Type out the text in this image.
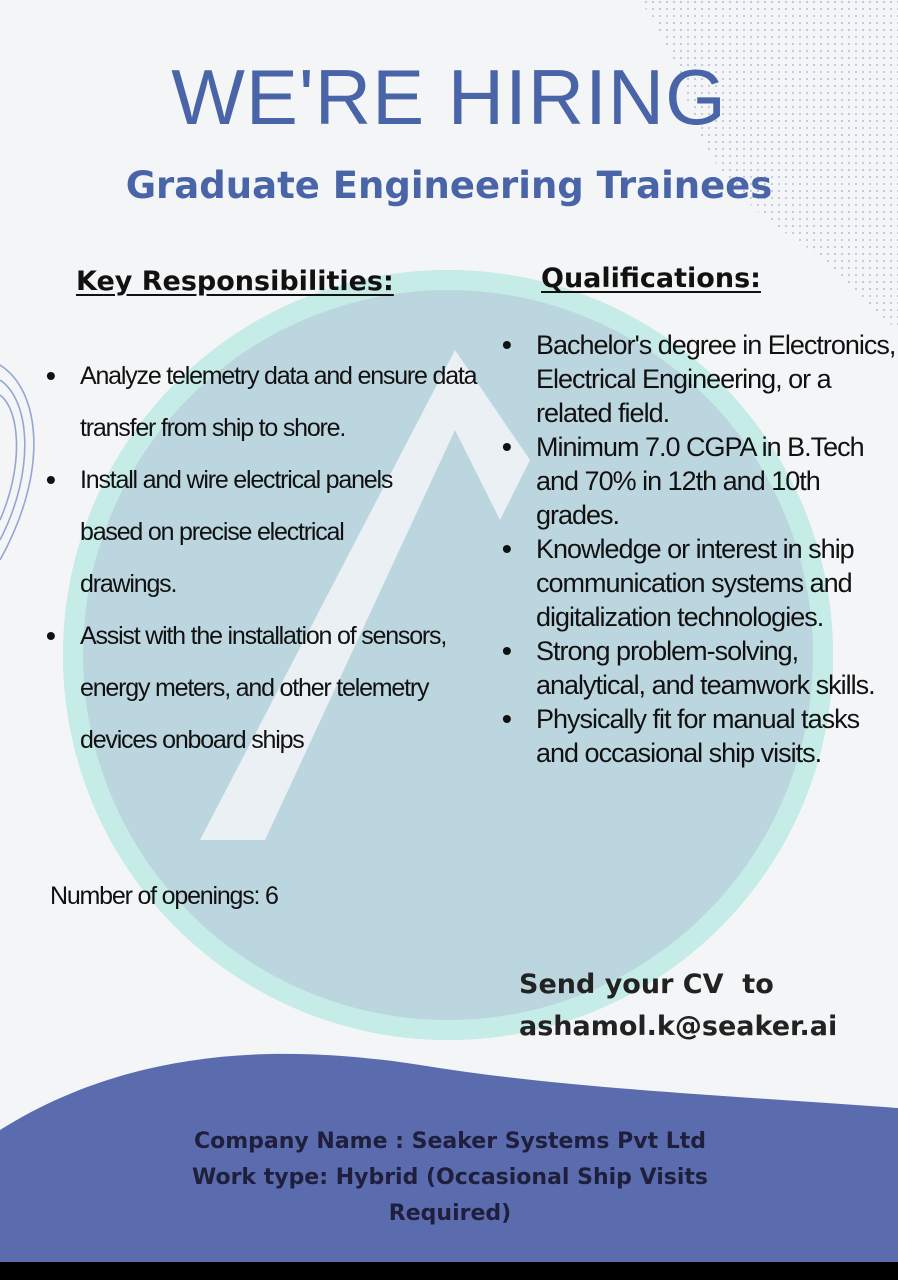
WE'RE HIRING
Graduate Engineering Trainees
Key Responsibilities:
• Analyze telemetry data and ensure data transfer from ship to shore.
• Install and wire electrical panels based on precise electrical drawings.
• Assist with the installation of sensors, energy meters, and other telemetry devices onboard ships

Number of openings: 6

Qualifications:
• Bachelor's degree in Electronics, Electrical Engineering, or a related field.
• Minimum 7.0 CGPA in B.Tech and 70% in 12th and 10th grades.
• Knowledge or interest in ship communication systems and digitalization technologies.
• Strong problem-solving, analytical, and teamwork skills.
• Physically fit for manual tasks and occasional ship visits.
Send your CV  to
ashamol.k@seaker.ai
Company Name : Seaker Systems Pvt Ltd
Work type: Hybrid (Occasional Ship Visits
Required)
